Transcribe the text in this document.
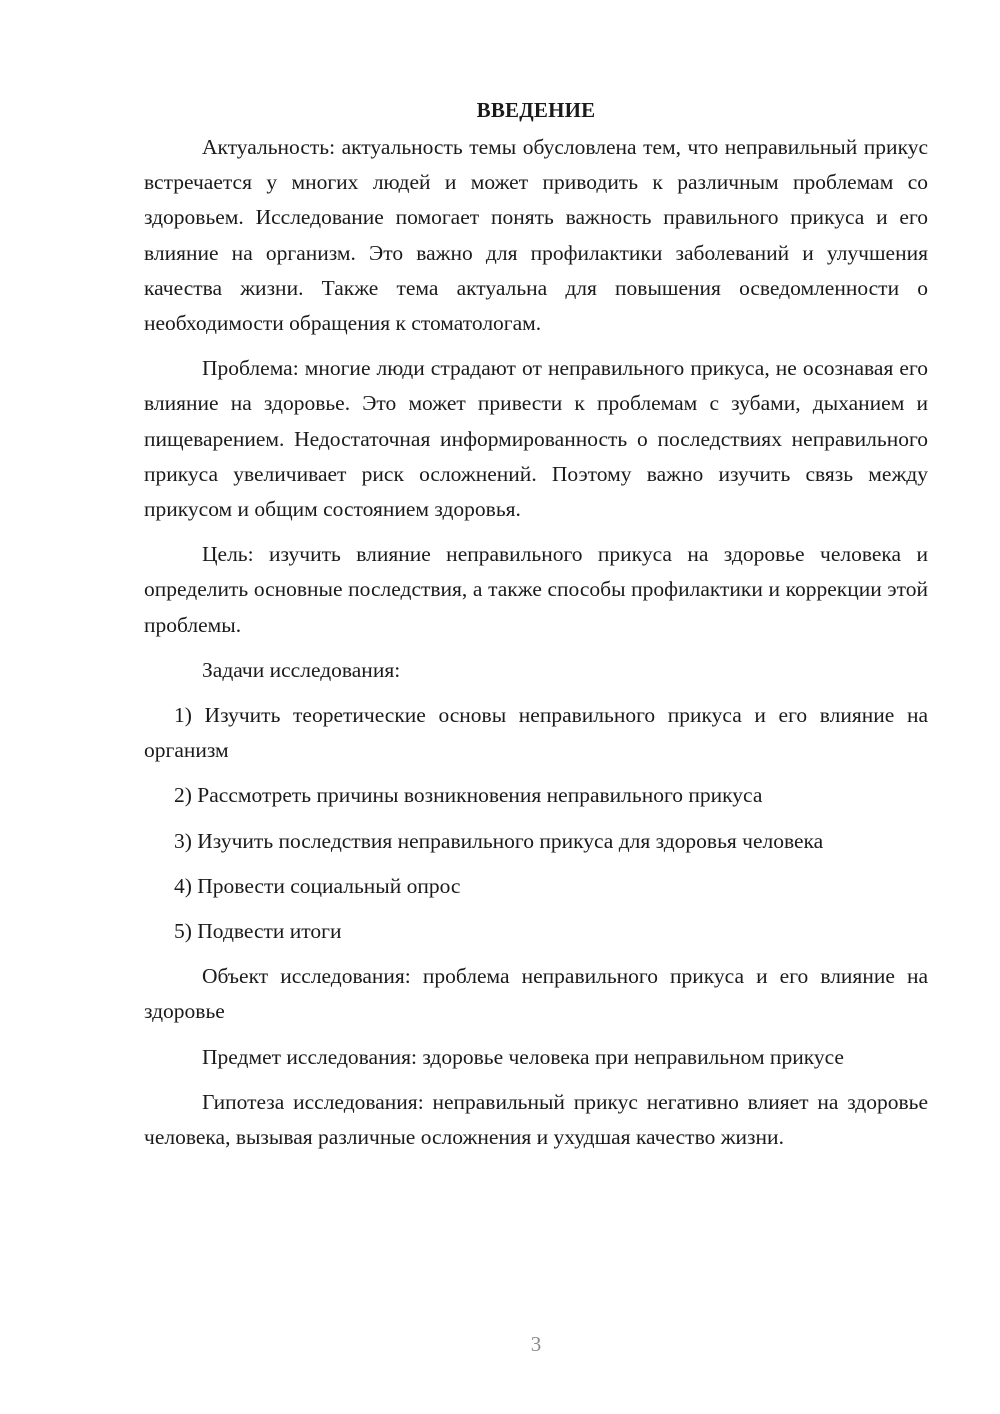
ВВЕДЕНИЕ

Актуальность: актуальность темы обусловлена тем, что неправильный прикус встречается у многих людей и может приводить к различным проблемам со здоровьем. Исследование помогает понять важность правильного прикуса и его влияние на организм. Это важно для профилактики заболеваний и улучшения качества жизни. Также тема актуальна для повышения осведомленности о необходимости обращения к стоматологам.

Проблема: многие люди страдают от неправильного прикуса, не осознавая его влияние на здоровье. Это может привести к проблемам с зубами, дыханием и пищеварением. Недостаточная информированность о последствиях неправильного прикуса увеличивает риск осложнений. Поэтому важно изучить связь между прикусом и общим состоянием здоровья.

Цель: изучить влияние неправильного прикуса на здоровье человека и определить основные последствия, а также способы профилактики и коррекции этой проблемы.

Задачи исследования:

1) Изучить теоретические основы неправильного прикуса и его влияние на организм

2) Рассмотреть причины возникновения неправильного прикуса

3) Изучить последствия неправильного прикуса для здоровья человека

4) Провести социальный опрос

5) Подвести итоги

Объект исследования: проблема неправильного прикуса и его влияние на здоровье

Предмет исследования: здоровье человека при неправильном прикусе

Гипотеза исследования: неправильный прикус негативно влияет на здоровье человека, вызывая различные осложнения и ухудшая качество жизни.

3
